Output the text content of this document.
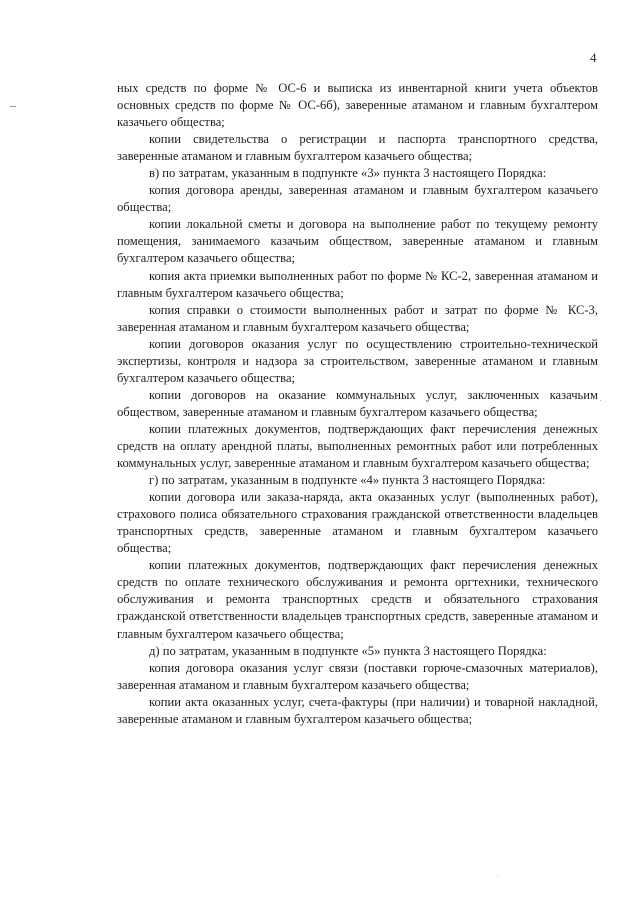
4

ных средств по форме № ОС-6 и выписка из инвентарной книги учета объектов основных средств по форме № ОС-6б), заверенные атаманом и главным бухгалтером казачьего общества;

копии свидетельства о регистрации и паспорта транспортного средства, заверенные атаманом и главным бухгалтером казачьего общества;

в) по затратам, указанным в подпункте «3» пункта 3 настоящего Порядка:

копия договора аренды, заверенная атаманом и главным бухгалтером казачьего общества;

копии локальной сметы и договора на выполнение работ по текущему ремонту помещения, занимаемого казачьим обществом, заверенные атаманом и главным бухгалтером казачьего общества;

копия акта приемки выполненных работ по форме № КС-2, заверенная атаманом и главным бухгалтером казачьего общества;

копия справки о стоимости выполненных работ и затрат по форме № КС-3, заверенная атаманом и главным бухгалтером казачьего общества;

копии договоров оказания услуг по осуществлению строительно-технической экспертизы, контроля и надзора за строительством, заверенные атаманом и главным бухгалтером казачьего общества;

копии договоров на оказание коммунальных услуг, заключенных казачьим обществом, заверенные атаманом и главным бухгалтером казачьего общества;

копии платежных документов, подтверждающих факт перечисления денежных средств на оплату арендной платы, выполненных ремонтных работ или потребленных коммунальных услуг, заверенные атаманом и главным бухгалтером казачьего общества;

г) по затратам, указанным в подпункте «4» пункта 3 настоящего Порядка:

копии договора или заказа-наряда, акта оказанных услуг (выполненных работ), страхового полиса обязательного страхования гражданской ответственности владельцев транспортных средств, заверенные атаманом и главным бухгалтером казачьего общества;

копии платежных документов, подтверждающих факт перечисления денежных средств по оплате технического обслуживания и ремонта оргтехники, технического обслуживания и ремонта транспортных средств и обязательного страхования гражданской ответственности владельцев транспортных средств, заверенные атаманом и главным бухгалтером казачьего общества;

д) по затратам, указанным в подпункте «5» пункта 3 настоящего Порядка:

копия договора оказания услуг связи (поставки горюче-смазочных материалов), заверенная атаманом и главным бухгалтером казачьего общества;

копии акта оказанных услуг, счета-фактуры (при наличии) и товарной накладной, заверенные атаманом и главным бухгалтером казачьего общества;
